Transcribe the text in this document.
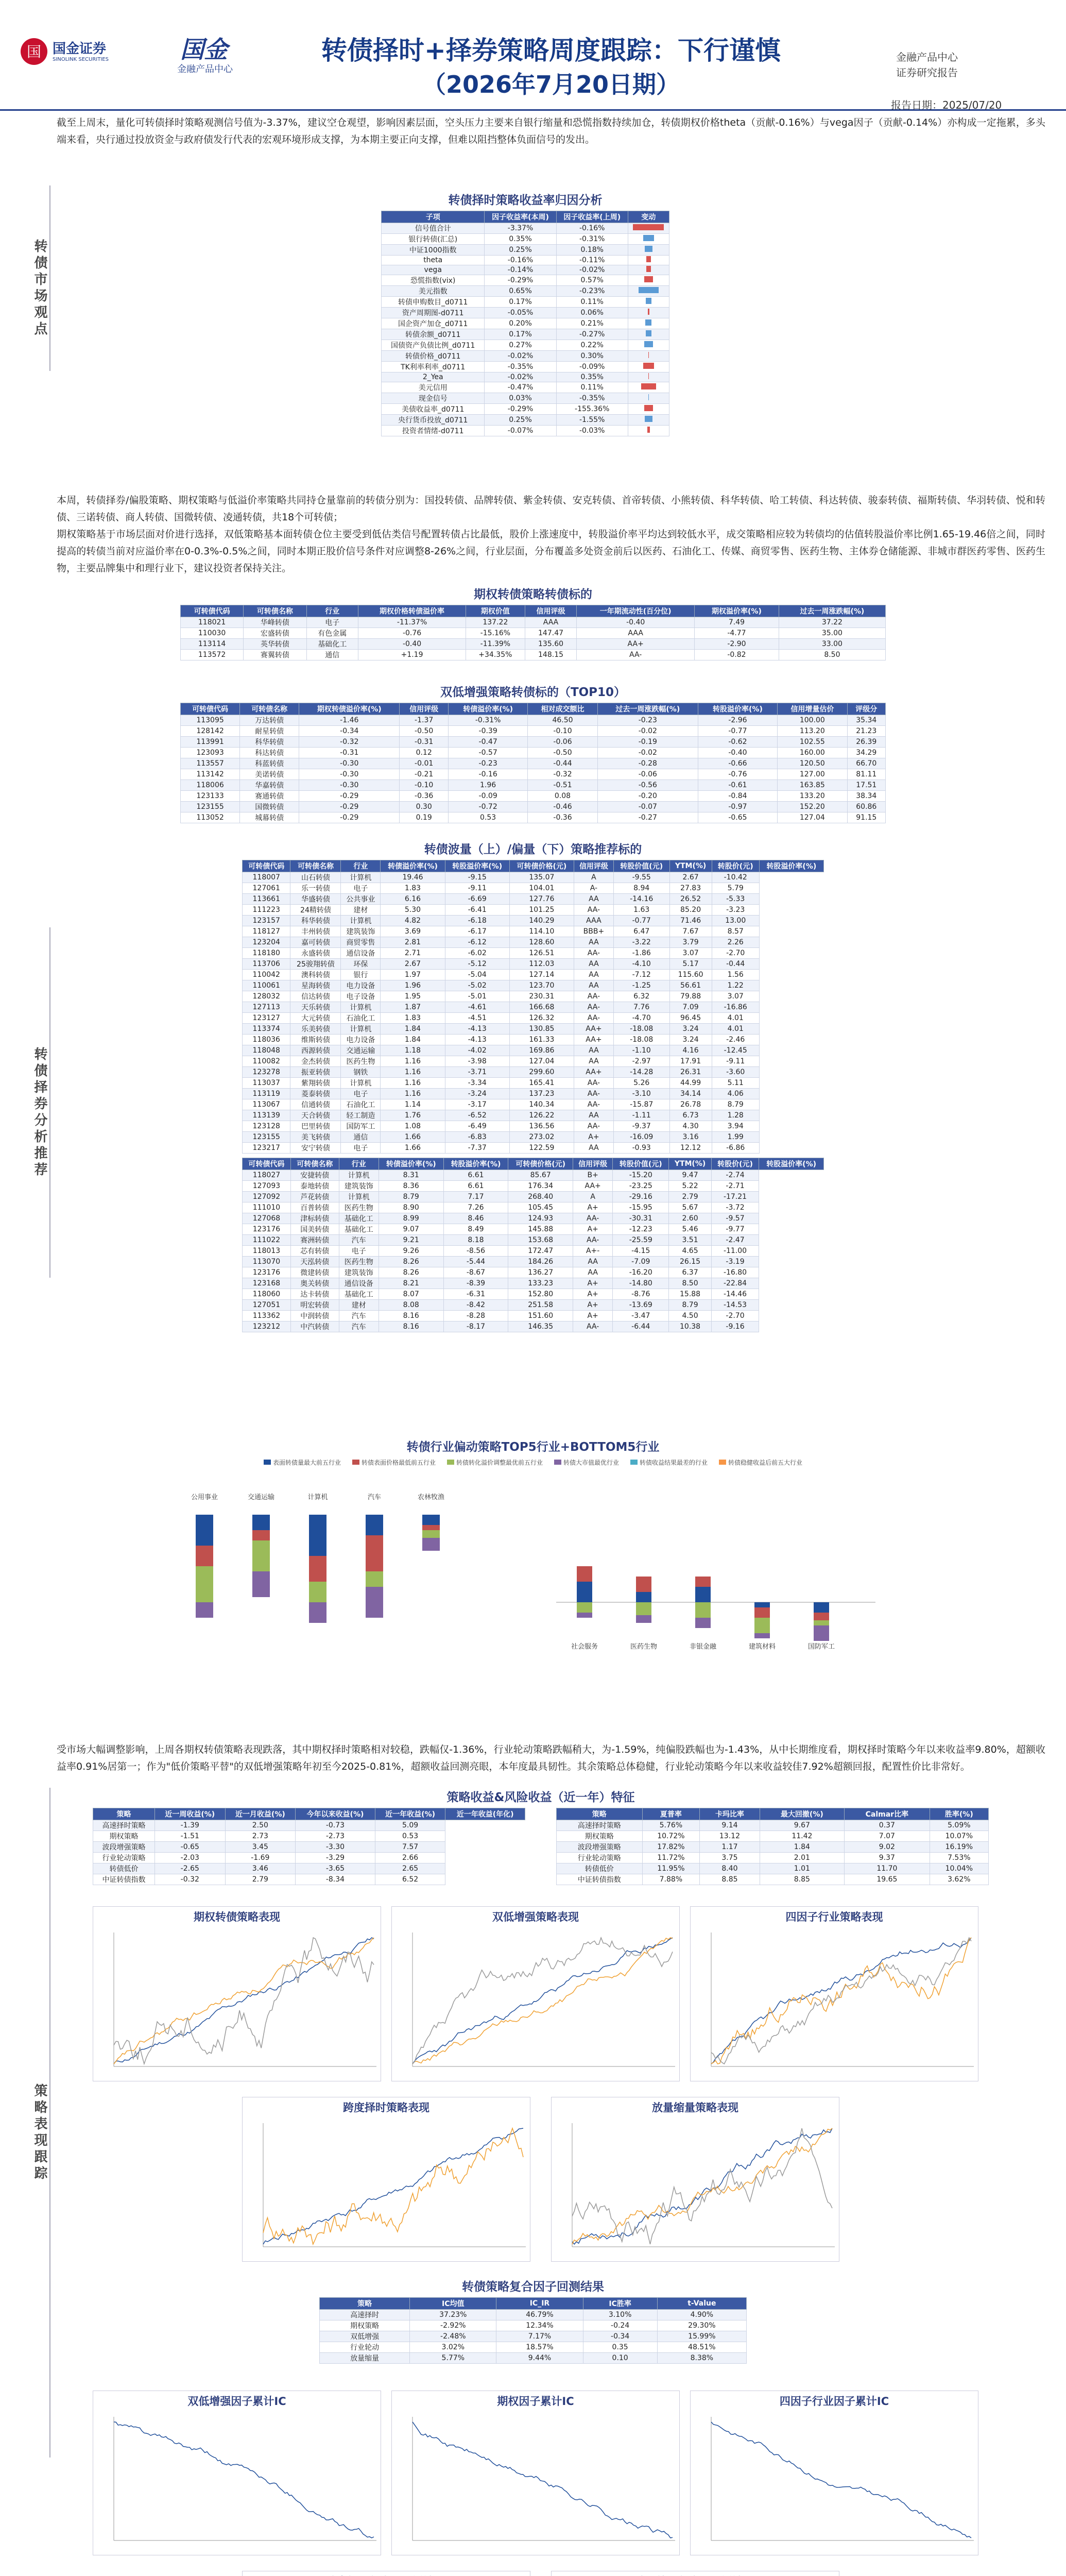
国 国金证券
SINOLINK SECURITIES	国金
金融产品中心
转债择时+择券策略周度跟踪：下行谨慎
（2026年7月20日期）
金融产品中心
证券研究报告
报告日期：2025/07/20
转债市场观点
转债择券分析推荐
策略表现跟踪
截至上周末，量化可转债择时策略观测信号值为-3.37%，建议空仓观望，影响因素层面，空头压力主要来自银行缩量和恐慌指数持续加仓，转债期权价格theta（贡献-0.16%）与vega因子（贡献-0.14%）亦构成一定拖累，多头端来看，央行通过投放资金与政府债发行代表的宏观环境形成支撑，为本期主要正向支撑，但难以阻挡整体负面信号的发出。
转债择时策略收益率归因分析
子项	因子收益率(本周)	因子收益率(上周)	变动
信号值合计	-3.37%	-0.16%	
银行转债(汇总)	0.35%	-0.31%	
中证1000指数	0.25%	0.18%	
theta	-0.16%	-0.11%	
vega	-0.14%	-0.02%	
恐慌指数(vix)	-0.29%	0.57%	
美元指数	0.65%	-0.23%	
转债申购数目_d0711	0.17%	0.11%	
资产周期图-d0711	-0.05%	0.06%	
国企资产加仓_d0711	0.20%	0.21%	
转债余额_d0711	0.17%	-0.27%	
国债资产负债比例_d0711	0.27%	0.22%	
转债价格_d0711	-0.02%	0.30%	
TK利率利率_d0711	-0.35%	-0.09%	
2_Yea	-0.02%	0.35%	
美元信用	-0.47%	0.11%	
现金信号	0.03%	-0.35%	
美债收益率_d0711	-0.29%	-155.36%	
央行货币投放_d0711	0.25%	-1.55%	
投资者情绪-d0711	-0.07%	-0.03%	
本周，转债择券/偏股策略、期权策略与低溢价率策略共同持仓量靠前的转债分别为：国投转债、品牌转债、紫金转债、安克转债、首帝转债、小熊转债、科华转债、哈工转债、科达转债、骏泰转债、福斯转债、华羽转债、悦和转债、三诺转债、商人转债、国微转债、凌通转债，共18个可转债；
期权策略基于市场层面对价进行选择，双低策略基本面转债仓位主要受到低估类信号配置转债占比最低，股价上涨速度中，转股溢价率平均达到较低水平，成交策略相应较为转债均的估值转股溢价率比例1.65-19.46倍之间，同时提高的转债当前对应溢价率在0-0.3%-0.5%之间，同时本期正股价信号条件对应调整8-26%之间，行业层面，分布覆盖多处资金前后以医药、石油化工、传媒、商贸零售、医药生物、主体券仓储能源、非城市群医药零售、医药生物，主要品牌集中和理行业下，建议投资者保持关注。
期权转债策略转债标的
可转债代码	可转债名称	行业	期权价格转债溢价率	期权价值	信用评级	一年期流动性(百分位)	期权溢价率(%)	过去一周涨跌幅(%)
118021	华峰转债	电子	-11.37%	137.22	AAA	-0.40	7.49	37.22
110030	宏盛转债	有色金属	-0.76	-15.16%	147.47	AAA	-4.77	35.00
113114	英华转债	基础化工	-0.40	-11.39%	135.60	AA+	-2.90	33.00
113572	赛翼转债	通信	+1.19	+34.35%	148.15	AA-	-0.82	8.50
双低增强策略转债标的（TOP10）
可转债代码	可转债名称	期权转债溢价率(%)	信用评级	转债溢价率(%)	相对成交额比	过去一周涨跌幅(%)	转股溢价率(%)	信用增量估价	评级分
113095	万达转债	-1.46	-1.37	-0.31%	46.50	-0.23	-2.96	100.00	35.34
128142	耐星转债	-0.34	-0.50	-0.39	-0.10	-0.02	-0.77	113.20	21.23
113991	科华转债	-0.32	-0.31	-0.47	-0.06	-0.19	-0.62	102.55	26.39
123093	科达转债	-0.31	0.12	-0.57	-0.50	-0.02	-0.40	160.00	34.29
113557	科蓝转债	-0.30	-0.01	-0.23	-0.44	-0.28	-0.66	120.50	66.70
113142	美诺转债	-0.30	-0.21	-0.16	-0.32	-0.06	-0.76	127.00	81.11
118006	华嘉转债	-0.30	-0.10	1.96	-0.51	-0.56	-0.61	163.85	17.51
123133	赛通转债	-0.29	-0.36	-0.09	0.08	-0.20	-0.84	133.20	38.34
123155	国微转债	-0.29	0.30	-0.72	-0.46	-0.07	-0.97	152.20	60.86
113052	城幕转债	-0.29	0.19	0.53	-0.36	-0.27	-0.65	127.04	91.15
转债波量（上）/偏量（下）策略推荐标的
可转债代码	可转债名称	行业	转债溢价率(%)	转股溢价率(%)	可转债价格(元)	信用评级	转股价值(元)	YTM(%)	转股价(元)	转股溢价率(%)
118007	山石转债	计算机	19.46	-9.15	135.07	A	-9.55	2.67	-10.42	
127061	乐一转债	电子	1.83	-9.11	104.01	A-	8.94	27.83	5.79	
113661	华盛转债	公共事业	6.16	-6.69	127.76	AA	-14.16	26.52	-5.33	
111223	24精转债	建材	5.30	-6.41	101.25	AA-	1.63	85.20	-3.23	
123157	科华转债	计算机	4.82	-6.18	140.29	AAA	-0.77	71.46	13.00	
118127	丰州转债	建筑装饰	3.69	-6.17	114.10	BBB+	6.47	7.67	8.57	
123204	嘉可转债	商贸零售	2.81	-6.12	128.60	AA	-3.22	3.79	2.26	
118180	永盛转债	通信设备	2.71	-6.02	126.51	AA-	-1.86	3.07	-2.70	
113706	25骏翔转债	环保	2.67	-5.12	112.03	AA	-4.10	5.17	-0.44	
110042	澳科转债	银行	1.97	-5.04	127.14	AA	-7.12	115.60	1.56	
110061	星海转债	电力设备	1.96	-5.02	123.70	AA	-1.25	56.61	1.22	
128032	信达转债	电子设备	1.95	-5.01	230.31	AA-	6.32	79.88	3.07	
127113	天乐转债	计算机	1.87	-4.61	166.68	AA-	7.76	7.09	-16.86	
123127	大元转债	石油化工	1.83	-4.51	126.32	AA-	-4.70	96.45	4.01	
113374	乐美转债	计算机	1.84	-4.13	130.85	AA+	-18.08	3.24	4.01	
118036	维斯转债	电力设备	1.84	-4.13	161.33	AA+	-18.08	3.24	-2.46	
118048	西源转债	交通运输	1.18	-4.02	169.86	AA	-1.10	4.16	-12.45	
110082	金杰转债	医药生物	1.16	-3.98	127.04	AA	-2.97	17.91	-9.11	
123278	振亚转债	钢铁	1.16	-3.71	299.60	AA+	-14.28	26.31	-3.60	
113037	紫翔转债	计算机	1.16	-3.34	165.41	AA-	5.26	44.99	5.11	
113119	菱泰转债	电子	1.16	-3.24	137.23	AA-	-3.10	34.14	4.06	
113067	信通转债	石油化工	1.14	-3.17	140.34	AA-	-15.87	26.78	8.79	
113139	天合转债	轻工制造	1.76	-6.52	126.22	AA	-1.11	6.73	1.28	
123128	巴里转债	国防军工	1.08	-6.49	136.56	AA-	-9.37	4.30	3.94	
123155	美飞转债	通信	1.66	-6.83	273.02	A+	-16.09	3.16	1.99	
123217	安宁转债	电子	1.66	-7.37	122.59	AA	-0.93	12.12	-6.86	
可转债代码	可转债名称	行业	转债溢价率(%)	转股溢价率(%)	可转债价格(元)	信用评级	转股价值(元)	YTM(%)	转股价(元)	转股溢价率(%)
118027	安捷转债	计算机	8.31	6.61	85.67	B+	-15.20	9.47	-2.74	
127093	泰地转债	建筑装饰	8.36	6.61	176.34	AA+	-23.25	5.22	-2.71	
127092	芦花转债	计算机	8.79	7.17	268.40	A	-29.16	2.79	-17.21	
111010	百普转债	医药生物	8.90	7.26	105.45	A+	-15.95	5.67	-3.72	
127068	津标转债	基础化工	8.99	8.46	124.93	AA-	-30.31	2.60	-9.57	
123176	国美转债	基础化工	9.07	8.49	145.88	A+	-12.23	5.46	-9.77	
111022	赛洲转债	汽车	9.21	8.18	153.68	AA-	-25.59	3.51	-2.47	
118013	芯有转债	电子	9.26	-8.56	172.47	A+-	-4.15	4.65	-11.00	
113070	天泓转债	医药生物	8.26	-5.44	184.26	AA	-7.09	26.15	-3.19	
123176	微建转债	建筑装饰	8.26	-8.67	136.27	AA	-16.20	6.37	-16.80	
123168	奥关转债	通信设备	8.21	-8.39	133.23	A+	-14.80	8.50	-22.84	
118060	达卡转债	基础化工	8.07	-6.31	152.80	A+	-8.76	15.88	-14.46	
127051	明宏转债	建材	8.08	-8.42	251.58	A+	-13.69	8.79	-14.53	
113362	中润转债	汽车	8.16	-8.28	151.60	A+	-3.47	4.50	-2.70	
123212	中汽转债	汽车	8.16	-8.17	146.35	AA-	-6.44	10.38	-9.16	
转债行业偏动策略TOP5行业+BOTTOM5行业
表面转债量最大前五行业	转债表面价格最低前五行业	转债转化溢价调整最优前五行业	转债大市值最优行业	转债收益结果最差的行业	转债稳健收益后前五大行业
公用事业	交通运输	计算机	汽车	农林牧渔
社会服务	医药生物	非银金融	建筑材料	国防军工
受市场大幅调整影响，上周各期权转债策略表现跌落，其中期权择时策略相对较稳，跌幅仅-1.36%，行业轮动策略跌幅稍大，为-1.59%，纯偏股跌幅也为-1.43%，从中长期维度看，期权择时策略今年以来收益率9.80%，超额收益率0.91%居第一；作为"低价策略平替"的双低增强策略年初至今2025-0.81%，超额收益回测亮眼，本年度最具韧性。其余策略总体稳健，行业轮动策略今年以来收益较佳7.92%超额回报，配置性价比非常好。
策略收益&风险收益（近一年）特征
策略	近一周收益(%)	近一月收益(%)	今年以来收益(%)	近一年收益(%)	近一年收益(年化)
高速择时策略	-1.39	2.50	-0.73	5.09	
期权策略	-1.51	2.73	-2.73	0.53	
波段增强策略	-0.65	3.45	-3.30	7.57	
行业轮动策略	-2.03	-1.69	-3.29	2.66	
转债低价	-2.65	3.46	-3.65	2.65	
中证转债指数	-0.32	2.79	-8.34	6.52	
策略	夏普率	卡玛比率	最大回撤(%)	Calmar比率	胜率(%)
高速择时策略	5.76%	9.14	9.67	0.37	5.09%
期权策略	10.72%	13.12	11.42	7.07	10.07%
波段增强策略	17.82%	1.17	1.84	9.02	16.19%
行业轮动策略	11.72%	3.75	2.01	9.37	7.53%
转债低价	11.95%	8.40	1.01	11.70	10.04%
中证转债指数	7.88%	8.85	8.85	19.65	3.62%
期权转债策略表现	双低增强策略表现	四因子行业策略表现
跨度择时策略表现	放量缩量策略表现
转债策略复合因子回测结果
策略	IC均值	IC_IR	IC胜率	t-Value
高速择时	37.23%	46.79%	3.10%	4.90%
期权策略	-2.92%	12.34%	-0.24	29.30%
双低增强	-2.48%	7.17%	-0.34	15.99%
行业轮动	3.02%	18.57%	0.35	48.51%
放量缩量	5.77%	9.44%	0.10	8.38%
双低增强因子累计IC	期权因子累计IC	四因子行业因子累计IC
